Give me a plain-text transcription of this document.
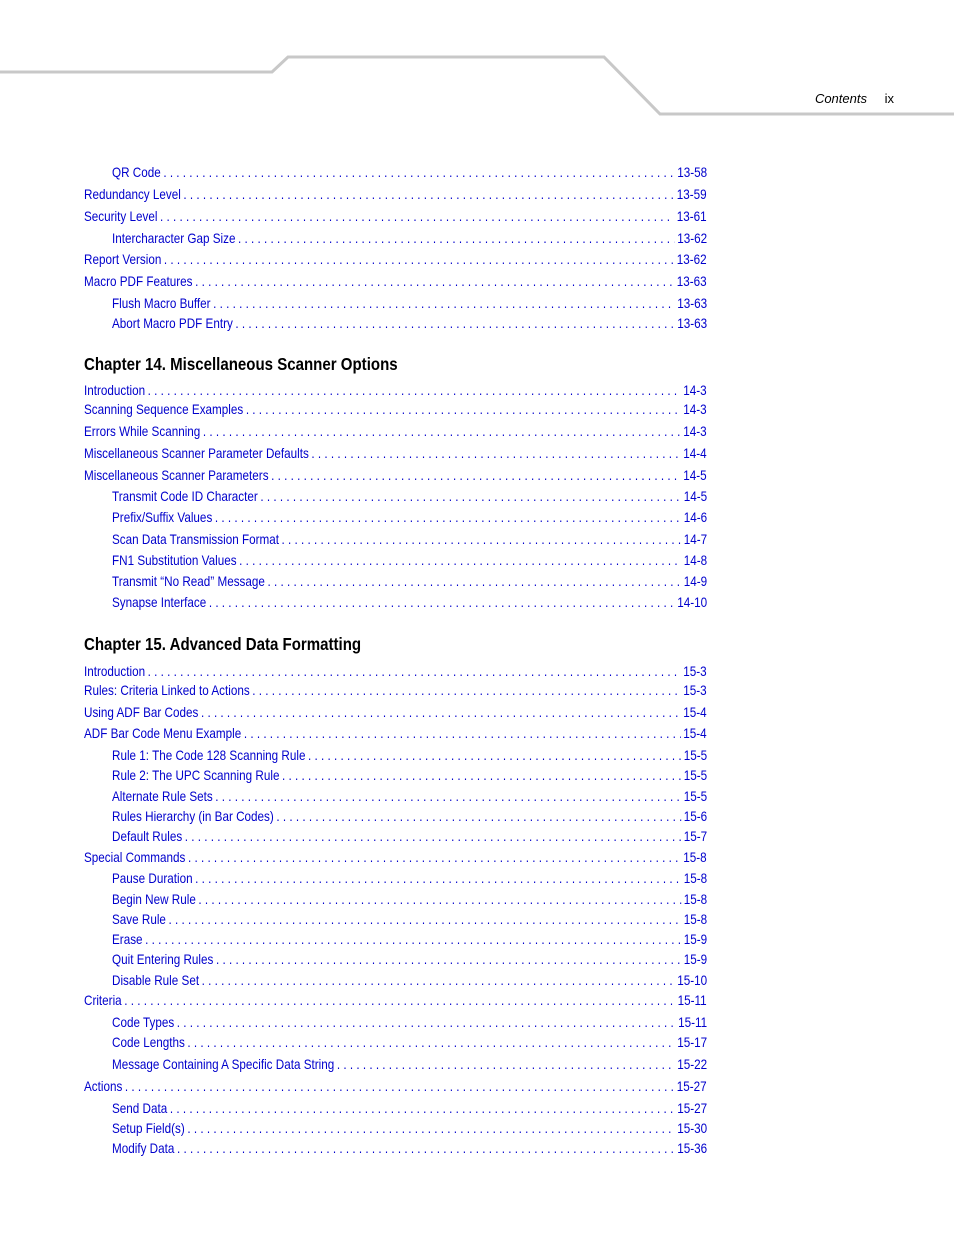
Contents ix
QR Code . . .	13-58
Redundancy Level . . .	13-59
Security Level . . .	13-61
Intercharacter Gap Size . . .	13-62
Report Version . . .	13-62
Macro PDF Features . . .	13-63
Flush Macro Buffer . . .	13-63
Abort Macro PDF Entry . . .	13-63
Chapter 14. Miscellaneous Scanner Options
Introduction . . .	14-3
Scanning Sequence Examples . . .	14-3
Errors While Scanning . . .	14-3
Miscellaneous Scanner Parameter Defaults . . .	14-4
Miscellaneous Scanner Parameters . . .	14-5
Transmit Code ID Character . . .	14-5
Prefix/Suffix Values . . .	14-6
Scan Data Transmission Format . . .	14-7
FN1 Substitution Values . . .	14-8
Transmit “No Read” Message . . .	14-9
Synapse Interface . . .	14-10
Chapter 15. Advanced Data Formatting
Introduction . . .	15-3
Rules: Criteria Linked to Actions . . .	15-3
Using ADF Bar Codes . . .	15-4
ADF Bar Code Menu Example . . .	15-4
Rule 1: The Code 128 Scanning Rule . . .	15-5
Rule 2: The UPC Scanning Rule . . .	15-5
Alternate Rule Sets . . .	15-5
Rules Hierarchy (in Bar Codes) . . .	15-6
Default Rules . . .	15-7
Special Commands . . .	15-8
Pause Duration . . .	15-8
Begin New Rule . . .	15-8
Save Rule . . .	15-8
Erase . . .	15-9
Quit Entering Rules . . .	15-9
Disable Rule Set . . .	15-10
Criteria . . .	15-11
Code Types . . .	15-11
Code Lengths . . .	15-17
Message Containing A Specific Data String . . .	15-22
Actions . . .	15-27
Send Data . . .	15-27
Setup Field(s) . . .	15-30
Modify Data . . .	15-36
